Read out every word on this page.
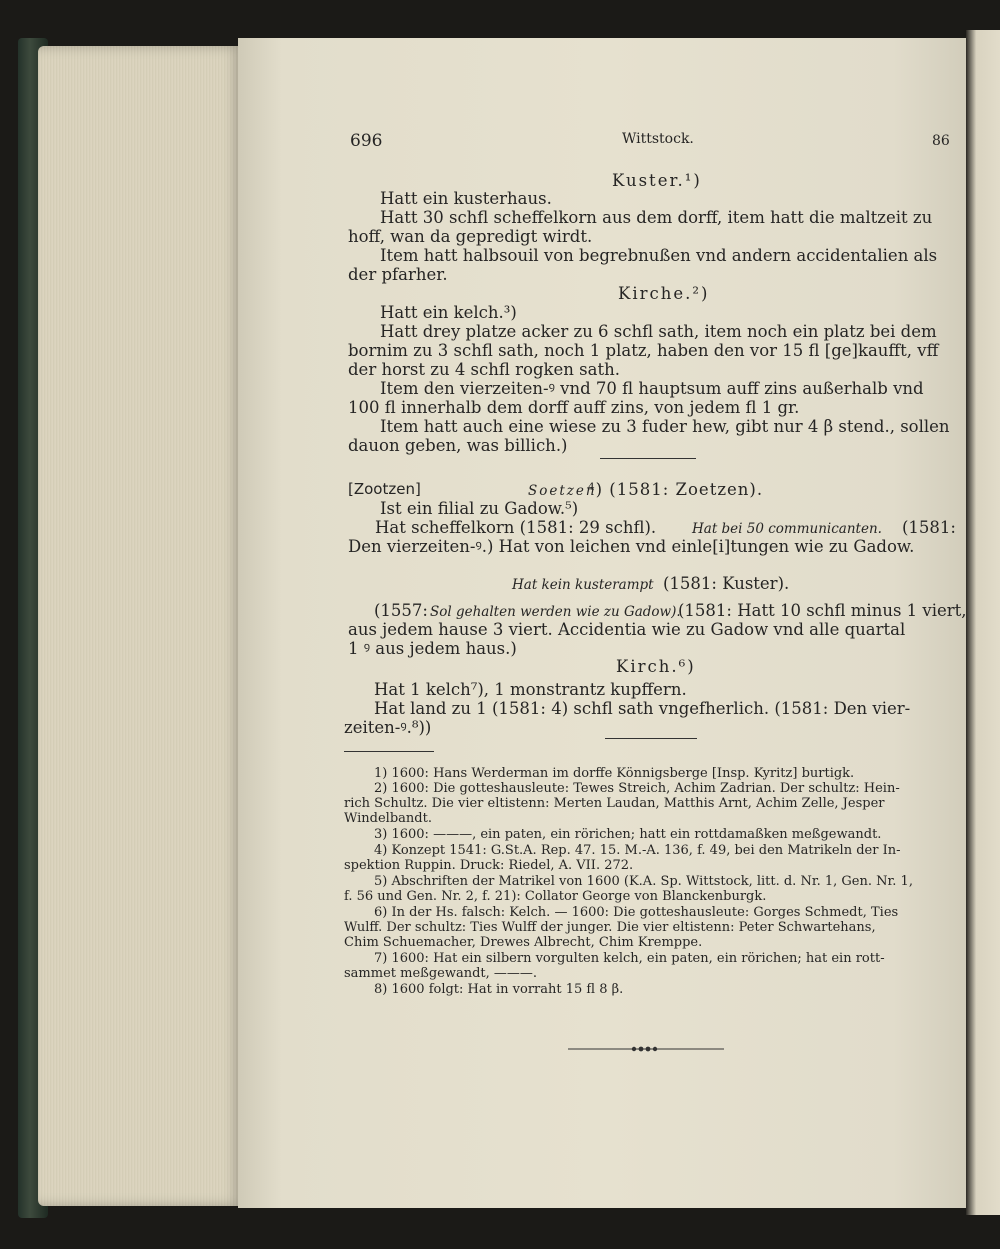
696	Wittstock.	86
Kuster.¹)
Hatt ein kusterhaus.
Hatt 30 schfl scheffelkorn aus dem dorff, item hatt die maltzeit zu
hoff, wan da gepredigt wirdt.
Item hatt halbsouil von begrebnußen vnd andern accidentalien als
der pfarher.
Kirche.²)
Hatt ein kelch.³)
Hatt drey platze acker zu 6 schfl sath, item noch ein platz bei dem
bornim zu 3 schfl sath, noch 1 platz, haben den vor 15 fl [ge]kaufft, vff
der horst zu 4 schfl rogken sath.
Item den vierzeiten-ꝰ vnd 70 fl hauptsum auff zins außerhalb vnd
100 fl innerhalb dem dorff auff zins, von jedem fl 1 gr.
Item hatt auch eine wiese zu 3 fuder hew, gibt nur 4 β stend., sollen
dauon geben, was billich.)
[Zootzen]	Soetzen
⁴) (1581: Zoetzen).
Ist ein filial zu Gadow.⁵)
Hat scheffelkorn (1581: 29 schfl).	Hat bei 50 communicanten. (1581:
Den vierzeiten-ꝰ.) Hat von leichen vnd einle[i]tungen wie zu Gadow.
Hat kein kusterampt (1581: Kuster).
(1557: Sol gehalten werden wie zu Gadow).
(1581: Hatt 10 schfl minus 1 viert,
aus jedem hause 3 viert. Accidentia wie zu Gadow vnd alle quartal
1 ꝰ aus jedem haus.)
Kirch.⁶)
Hat 1 kelch⁷), 1 monstrantz kupffern.
Hat land zu 1 (1581: 4) schfl sath vngefherlich. (1581: Den vier-
zeiten-ꝰ.⁸))
1) 1600: Hans Werderman im dorffe Könnigsberge [Insp. Kyritz] burtigk.
2) 1600: Die gotteshausleute: Tewes Streich, Achim Zadrian. Der schultz: Hein-
rich Schultz. Die vier eltistenn: Merten Laudan, Matthis Arnt, Achim Zelle, Jesper
Windelbandt.
3) 1600: ———, ein paten, ein rörichen; hatt ein rottdamaßken meßgewandt.
4) Konzept 1541: G.St.A. Rep. 47. 15. M.-A. 136, f. 49, bei den Matrikeln der In-
spektion Ruppin. Druck: Riedel, A. VII. 272.
5) Abschriften der Matrikel von 1600 (K.A. Sp. Wittstock, litt. d. Nr. 1, Gen. Nr. 1,
f. 56 und Gen. Nr. 2, f. 21): Collator George von Blanckenburgk.
6) In der Hs. falsch: Kelch. — 1600: Die gotteshausleute: Gorges Schmedt, Ties
Wulff. Der schultz: Ties Wulff der junger. Die vier eltistenn: Peter Schwartehans,
Chim Schuemacher, Drewes Albrecht, Chim Kremppe.
7) 1600: Hat ein silbern vorgulten kelch, ein paten, ein rörichen; hat ein rott-
sammet meßgewandt, ———.
8) 1600 folgt: Hat in vorraht 15 fl 8 β.
